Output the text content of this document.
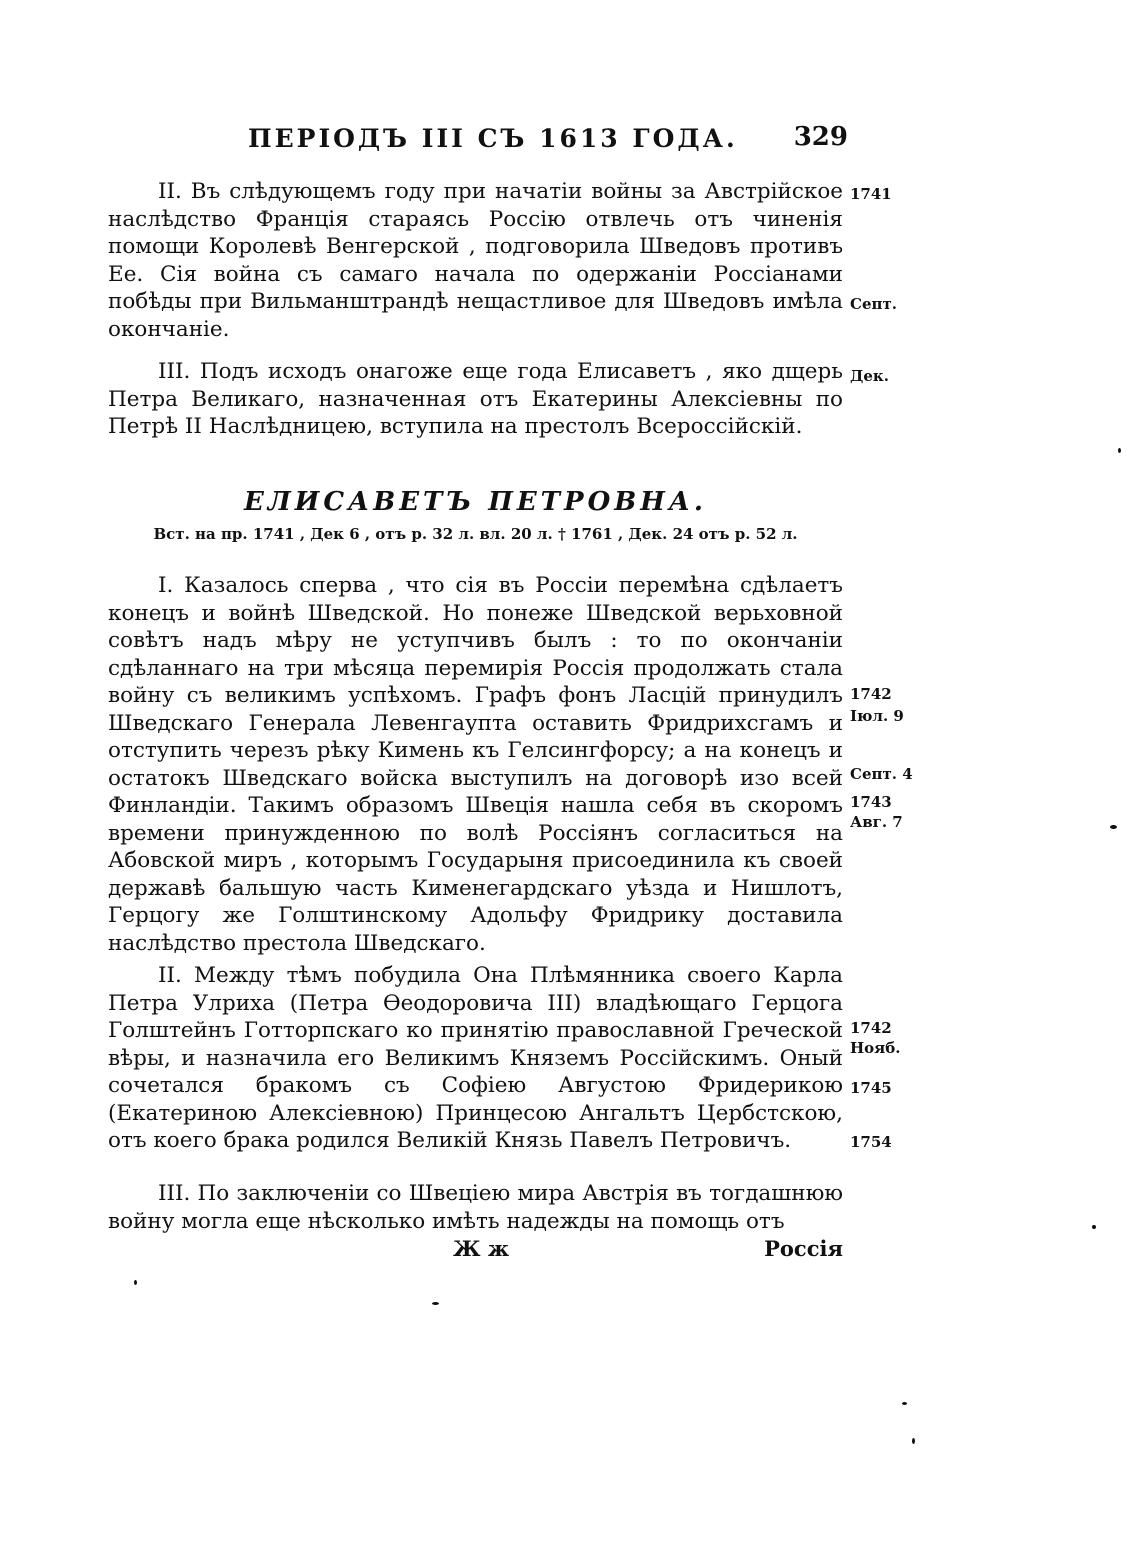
ПЕРIОДЪ III СЪ 1613 ГОДА. 329

II. Въ слѣдующемъ году при начатiи войны за Австрiйское наслѣдство Францiя стараясь Россiю отвлечь отъ чиненiя помощи Королевѣ Венгерской , подговорила Шведовъ противъ Ее. Сiя война съ самаго начала по одержанiи Россiанами побѣды при Вильманштрандѣ нещастливое для Шведовъ имѣла окончанiе.

III. Подъ исходъ онагоже еще года Елисаветъ , яко дщерь Петра Великаго, назначенная отъ Екатерины Алексiевны по Петрѣ II Наслѣдницею, вступила на престолъ Всероссiйскiй.

ЕЛИСАВЕТЪ ПЕТРОВНА.
Вст. на пр. 1741 , Дек 6 , отъ р. 32 л. вл. 20 л. † 1761 , Дек. 24 отъ р. 52 л.

I. Казалось сперва , что сiя въ Россiи перемѣна сдѣлаетъ конецъ и войнѣ Шведской. Но понеже Шведской верьховной совѣтъ надъ мѣру не уступчивъ былъ : то по окончанiи сдѣланнаго на три мѣсяца перемирiя Россiя продолжать стала войну съ великимъ успѣхомъ. Графъ фонъ Ласцiй принудилъ Шведскаго Генерала Левенгаупта оставить Фридрихсгамъ и отступить черезъ рѣку Кимень къ Гелсингфорсу; а на конецъ и остатокъ Шведскаго войска выступилъ на договорѣ изо всей Финландiи. Такимъ образомъ Швецiя нашла себя въ скоромъ времени принужденною по волѣ Россiянъ согласиться на Абовской миръ , которымъ Государыня присоединила къ своей державѣ бальшую часть Кименегардскаго уѣзда и Нишлотъ, Герцогу же Голштинскому Адольфу Фридрику доставила наслѣдство престола Шведскаго.

II. Между тѣмъ побудила Она Плѣмянника своего Карла Петра Улриха (Петра Өеодоровича III) владѣющаго Герцога Голштейнъ Готторпскаго ко принятiю православной Греческой вѣры, и назначила его Великимъ Княземъ Россiйскимъ. Оный сочетался бракомъ съ Софiею Августою Фридерикою (Екатериною Алексiевною) Принцесою Ангальтъ Цербстскою, отъ коего брака родился Великiй Князь Павелъ Петровичъ.

III. По заключенiи со Швецiею мира Австрiя въ тогдашнюю войну могла еще нѣсколько имѣть надежды на помощь отъ

1741
Септ.
Дек.
1742
Iюл. 9
Септ. 4
1743
Авг. 7
1742
Нояб.
1745
1754
Ж ж	Россiя
